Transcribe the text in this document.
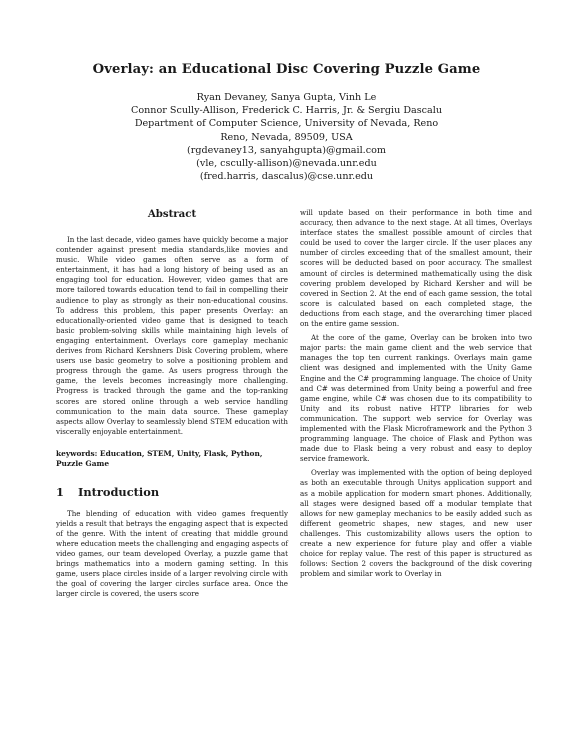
Overlay: an Educational Disc Covering Puzzle Game
Ryan Devaney, Sanya Gupta, Vinh Le
Connor Scully-Allison, Frederick C. Harris, Jr. & Sergiu Dascalu
Department of Computer Science, University of Nevada, Reno
Reno, Nevada, 89509, USA
(rgdevaney13, sanyahgupta)@gmail.com
(vle, cscully-allison)@nevada.unr.edu
(fred.harris, dascalus)@cse.unr.edu
Abstract

In the last decade, video games have quickly become a major contender against present media standards,like movies and music. While video games often serve as a form of entertainment, it has had a long history of being used as an engaging tool for education. However, video games that are more tailored towards education tend to fail in compelling their audience to play as strongly as their non-educational cousins. To address this problem, this paper presents Overlay: an educationally-oriented video game that is designed to teach basic problem-solving skills while maintaining high levels of engaging entertainment. Overlays core gameplay mechanic derives from Richard Kershners Disk Covering problem, where users use basic geometry to solve a positioning problem and progress through the game. As users progress through the game, the levels becomes increasingly more challenging. Progress is tracked through the game and the top-ranking scores are stored online through a web service handling communication to the main data source. These gameplay aspects allow Overlay to seamlessly blend STEM education with viscerally enjoyable entertainment.

keywords: Education, STEM, Unity, Flask, Python, Puzzle Game
1 Introduction

The blending of education with video games frequently yields a result that betrays the engaging aspect that is expected of the genre. With the intent of creating that middle ground where education meets the challenging and engaging aspects of video games, our team developed Overlay, a puzzle game that brings mathematics into a modern gaming setting. In this game, users place circles inside of a larger revolving circle with the goal of covering the larger circles surface area. Once the larger circle is covered, the users score

will update based on their performance in both time and accuracy, then advance to the next stage. At all times, Overlays interface states the smallest possible amount of circles that could be used to cover the larger circle. If the user places any number of circles exceeding that of the smallest amount, their scores will be deducted based on poor accuracy. The smallest amount of circles is determined mathematically using the disk covering problem developed by Richard Kersher and will be covered in Section 2. At the end of each game session, the total score is calculated based on each completed stage, the deductions from each stage, and the overarching timer placed on the entire game session.

At the core of the game, Overlay can be broken into two major parts: the main game client and the web service that manages the top ten current rankings. Overlays main game client was designed and implemented with the Unity Game Engine and the C# programming language. The choice of Unity and C# was determined from Unity being a powerful and free game engine, while C# was chosen due to its compatibility to Unity and its robust native HTTP libraries for web communication. The support web service for Overlay was implemented with the Flask Microframework and the Python 3 programming language. The choice of Flask and Python was made due to Flask being a very robust and easy to deploy service framework.

Overlay was implemented with the option of being deployed as both an executable through Unitys application support and as a mobile application for modern smart phones. Additionally, all stages were designed based off a modular template that allows for new gameplay mechanics to be easily added such as different geometric shapes, new stages, and new user challenges. This customizability allows users the option to create a new experience for future play and offer a viable choice for replay value. The rest of this paper is structured as follows: Section 2 covers the background of the disk covering problem and similar work to Overlay in
